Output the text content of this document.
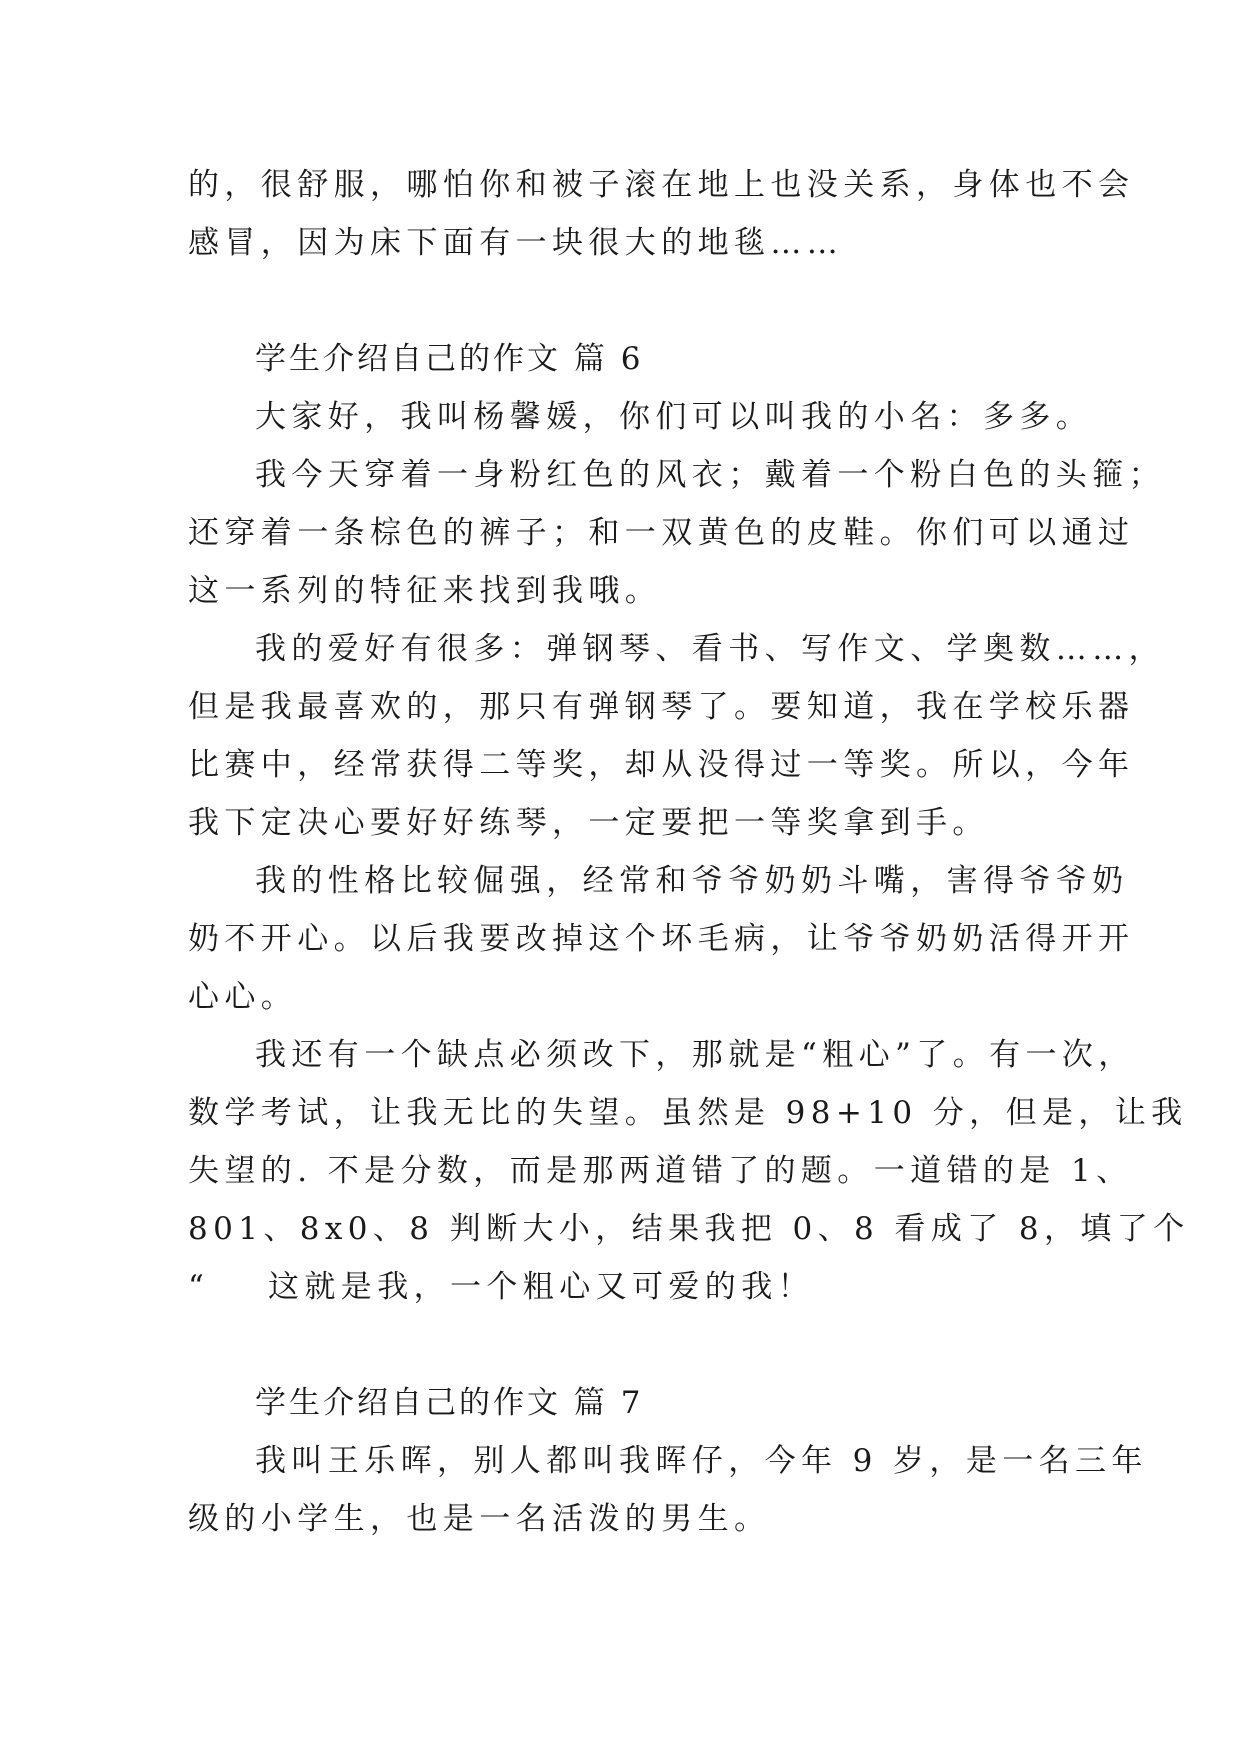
的，很舒服，哪怕你和被子滚在地上也没关系，身体也不会
感冒，因为床下面有一块很大的地毯……
学生介绍自己的作文 篇 6
大家好，我叫杨馨媛，你们可以叫我的小名：多多。
我今天穿着一身粉红色的风衣；戴着一个粉白色的头箍；
还穿着一条棕色的裤子；和一双黄色的皮鞋。你们可以通过
这一系列的特征来找到我哦。
我的爱好有很多：弹钢琴、看书、写作文、学奥数……，
但是我最喜欢的，那只有弹钢琴了。要知道，我在学校乐器
比赛中，经常获得二等奖，却从没得过一等奖。所以，今年
我下定决心要好好练琴，一定要把一等奖拿到手。
我的性格比较倔强，经常和爷爷奶奶斗嘴，害得爷爷奶
奶不开心。以后我要改掉这个坏毛病，让爷爷奶奶活得开开
心心。
我还有一个缺点必须改下，那就是“粗心”了。有一次，
数学考试，让我无比的失望。虽然是 98+10 分，但是，让我
失望的. 不是分数，而是那两道错了的题。一道错的是 1、
801、8x0、8 判断大小，结果我把 0、8 看成了 8，填了个
“ 这就是我，一个粗心又可爱的我！
学生介绍自己的作文 篇 7
我叫王乐晖，别人都叫我晖仔，今年 9 岁，是一名三年
级的小学生，也是一名活泼的男生。
